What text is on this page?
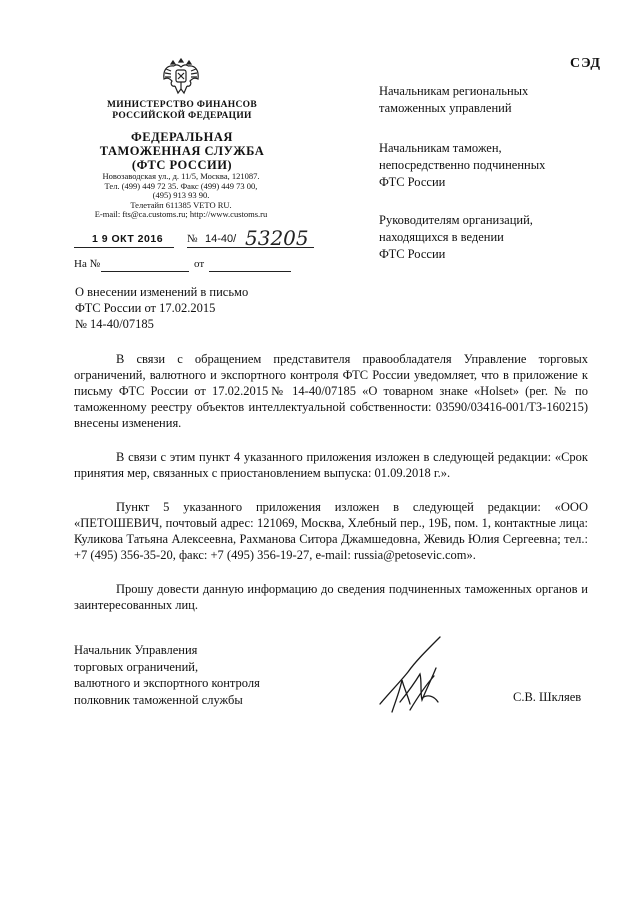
СЭД
МИНИСТЕРСТВО ФИНАНСОВ
РОССИЙСКОЙ ФЕДЕРАЦИИ
ФЕДЕРАЛЬНАЯ
ТАМОЖЕННАЯ СЛУЖБА
(ФТС РОССИИ)
Новозаводская ул., д. 11/5, Москва, 121087.
Тел. (499) 449 72 35. Факс (499) 449 73 00,
(495) 913 93 90.
Телетайп 611385 VETO RU.
E-mail: fts@ca.customs.ru; http://www.customs.ru
1 9 ОКТ 2016 № 14-40/ 53205
На №	от
Начальникам региональных
таможенных управлений
Начальникам таможен,
непосредственно подчиненных
ФТС России
Руководителям организаций,
находящихся в ведении
ФТС России
О внесении изменений в письмо
ФТС России от 17.02.2015
№ 14-40/07185

В связи с обращением представителя правообладателя Управление торговых ограничений, валютного и экспортного контроля ФТС России уведомляет, что в приложение к письму ФТС России от 17.02.2015№ 14-40/07185 «О товарном знаке «Holset» (рег. № по таможенному реестру объектов интеллектуальной собственности: 03590/03416-001/ТЗ-160215) внесены изменения.

В связи с этим пункт 4 указанного приложения изложен в следующей редакции: «Срок принятия мер, связанных с приостановлением выпуска: 01.09.2018 г.».

Пункт 5 указанного приложения изложен в следующей редакции: «ООО «ПЕТОШЕВИЧ, почтовый адрес: 121069, Москва, Хлебный пер., 19Б, пом. 1, контактные лица: Куликова Татьяна Алексеевна, Рахманова Ситора Джамшедовна, Жевидь Юлия Сергеевна; тел.: +7 (495) 356-35-20, факс: +7 (495) 356-19-27, e-mail: russia@petosevic.com».

Прошу довести данную информацию до сведения подчиненных таможенных органов и заинтересованных лиц.

Начальник Управления
торговых ограничений,
валютного и экспортного контроля
полковник таможенной службы	С.В. Шкляев
